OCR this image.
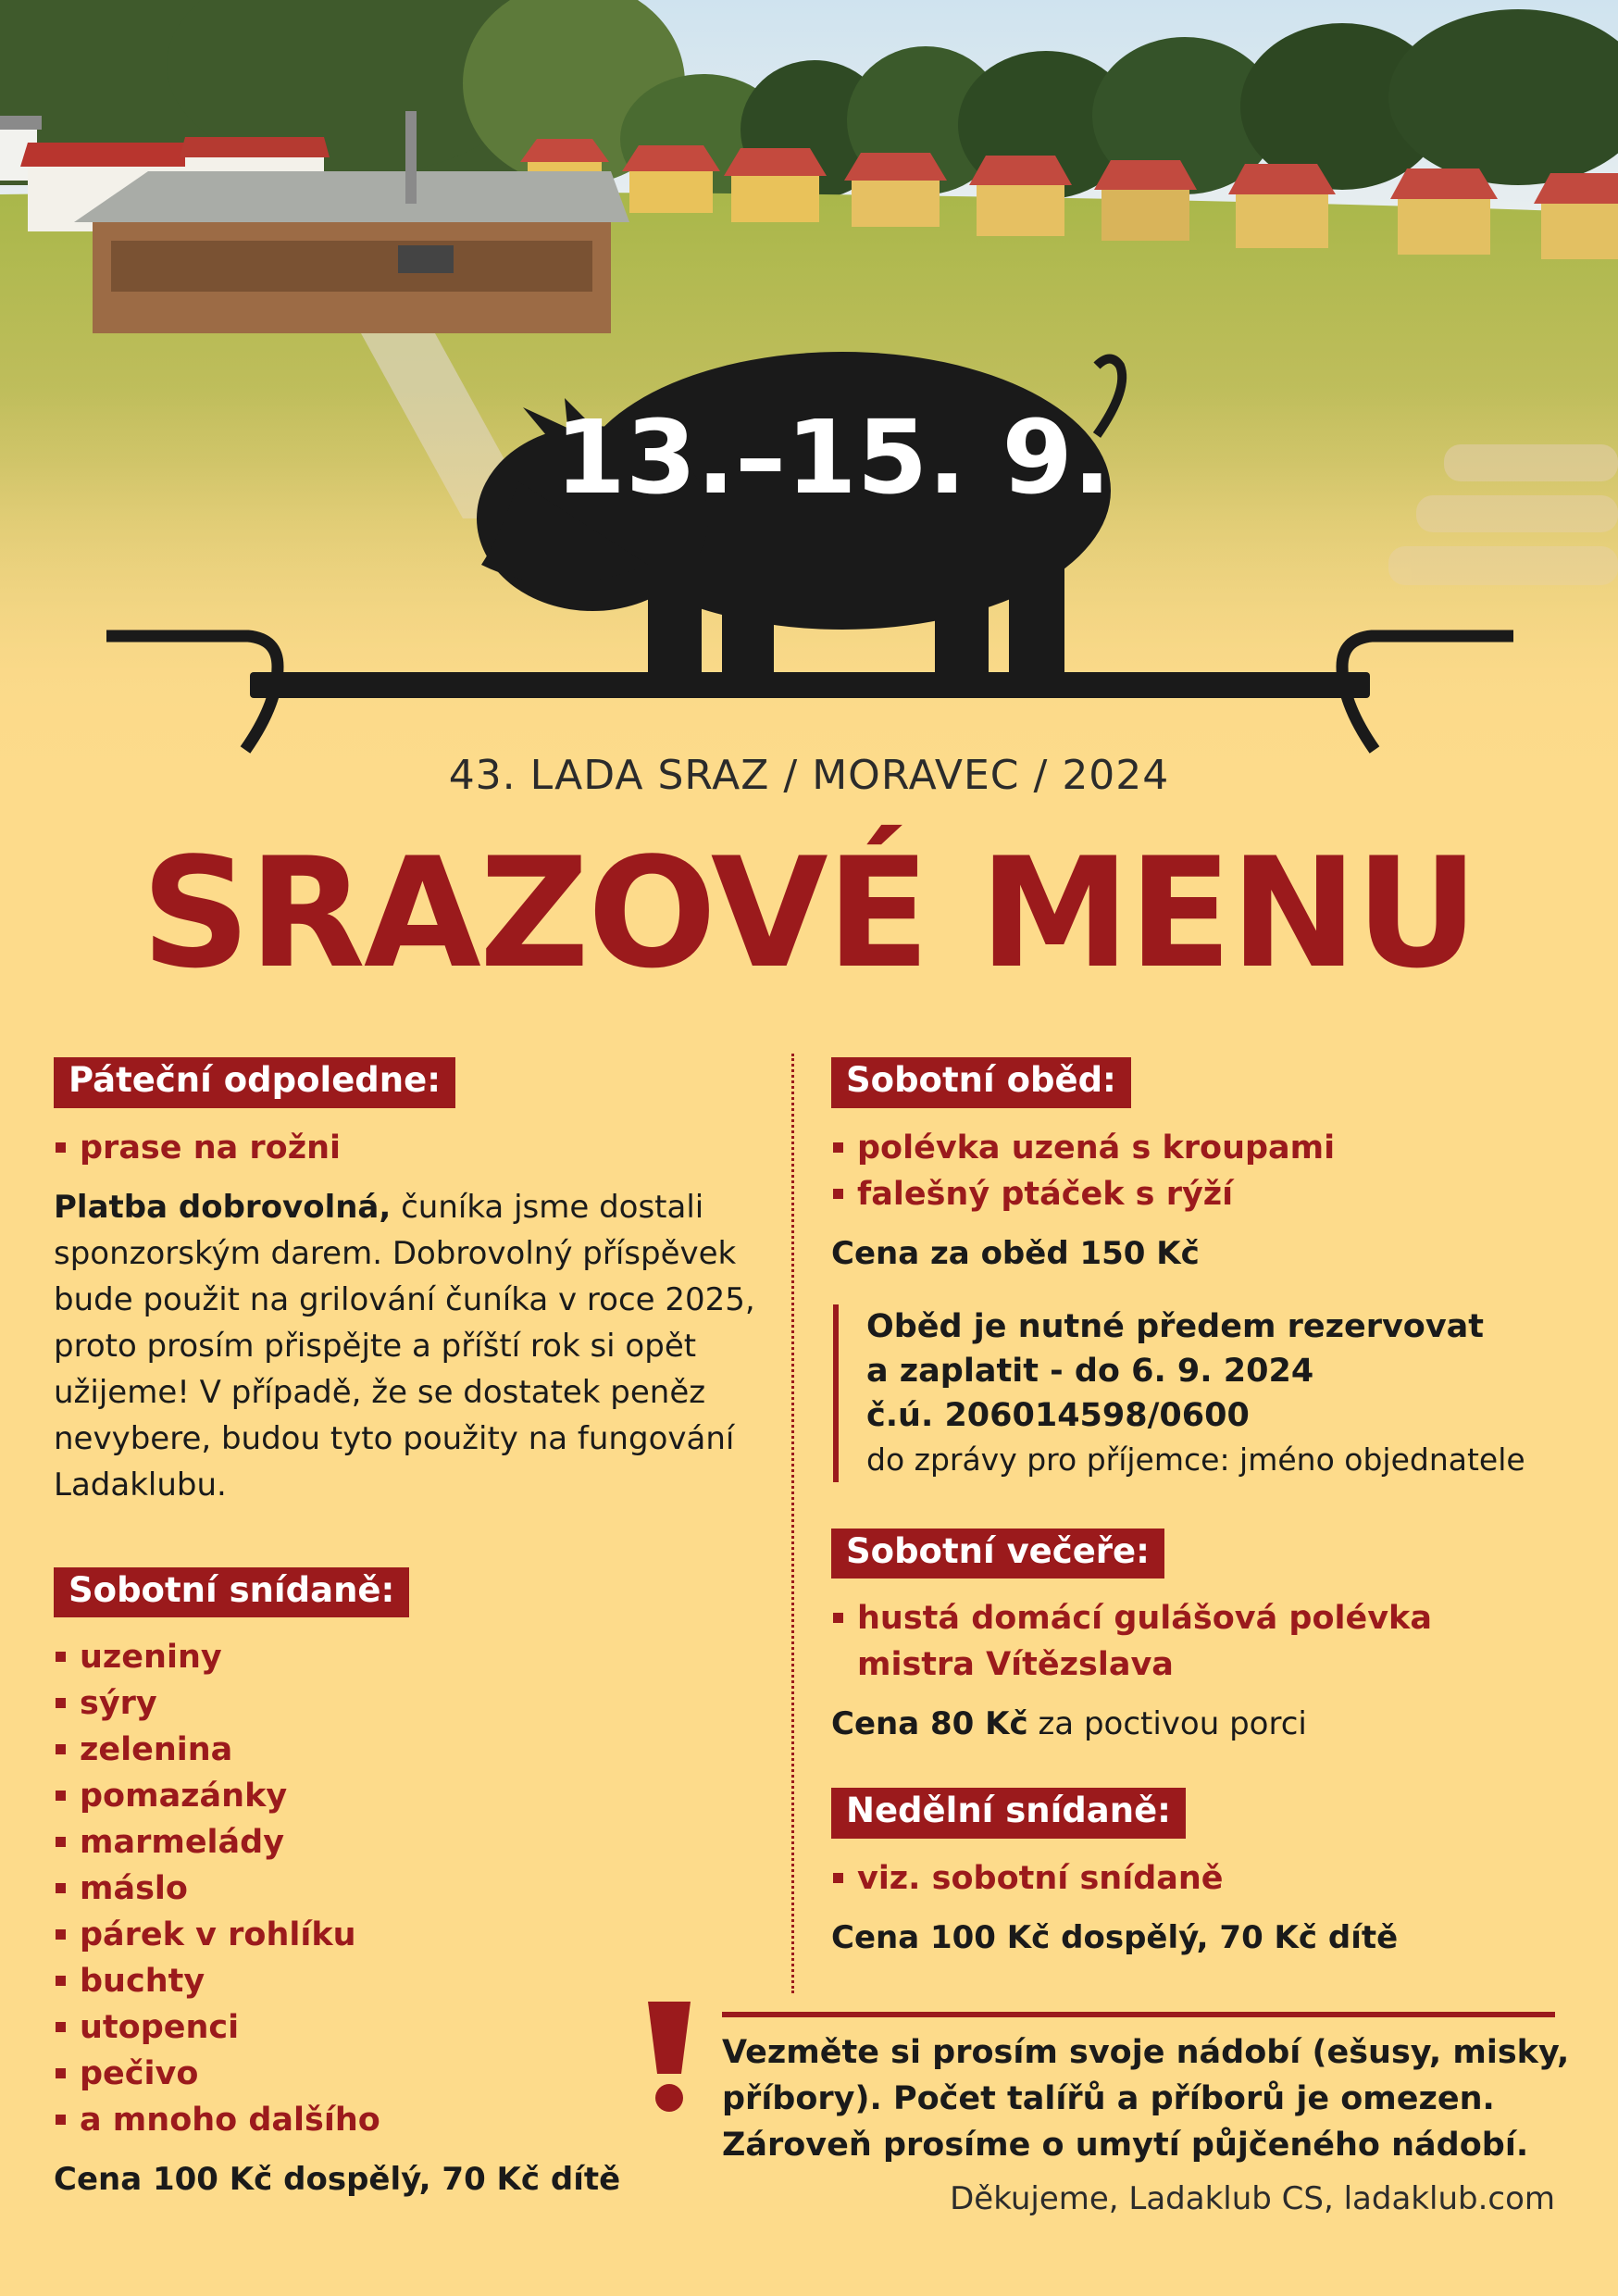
13.–15. 9.
43. LADA SRAZ / MORAVEC / 2024
SRAZOVÉ MENU
Páteční odpoledne:
prase na rožni

Platba dobrovolná, čuníka jsme dostali sponzorským darem. Dobrovolný příspěvek bude použit na grilování čuníka v roce 2025, proto prosím přispějte a příští rok si opět užijeme! V případě, že se dostatek peněz nevybere, budou tyto použity na fungování Ladaklubu.

Sobotní snídaně:
uzeniny
sýry
zelenina
pomazánky
marmelády
máslo
párek v rohlíku
buchty
utopenci
pečivo
a mnoho dalšího
Cena 100 Kč dospělý, 70 Kč dítě
Sobotní oběd:
polévka uzená s kroupami
falešný ptáček s rýží
Cena za oběd 150 Kč
Oběd je nutné předem rezervovat
a zaplatit - do 6. 9. 2024
č.ú. 206014598/0600
do zprávy pro příjemce: jméno objednatele
Sobotní večeře:
hustá domácí gulášová polévka mistra Vítězslava
Cena 80 Kč za poctivou porci
Nedělní snídaně:
viz. sobotní snídaně
Cena 100 Kč dospělý, 70 Kč dítě
Vezměte si prosím svoje nádobí (ešusy, misky, příbory). Počet talířů a příborů je omezen. Zároveň prosíme o umytí půjčeného nádobí.
Děkujeme, Ladaklub CS, ladaklub.com
